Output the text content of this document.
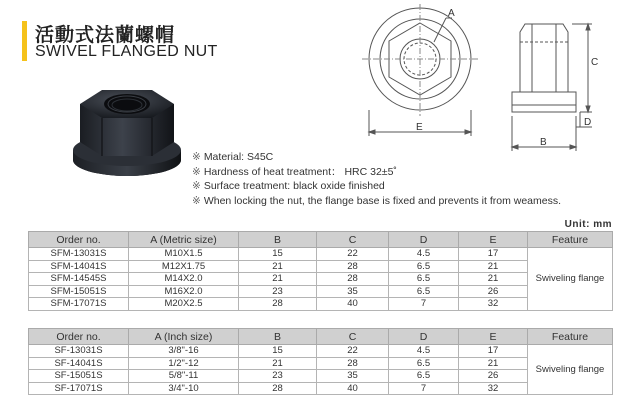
活動式法蘭螺帽
SWIVEL FLANGED NUT
A
E
C
D
B
※ Material: S45C
※ Hardness of heat treatment： HRC 32±5˚
※ Surface treatment: black oxide finished
※ When locking the nut, the flange base is fixed and prevents it from weamess.
Unit: mm
Order no.	A (Metric size)	B	C	D	E	Feature
SFM-13031S	M10X1.5	15	22	4.5	17	Swiveling flange
SFM-14041S	M12X1.75	21	28	6.5	21	
SFM-14545S	M14X2.0	21	28	6.5	21	
SFM-15051S	M16X2.0	23	35	6.5	26	
SFM-17071S	M20X2.5	28	40	7	32	
Order no.	A (Inch size)	B	C	D	E	Feature
SF-13031S	3/8"-16	15	22	4.5	17	Swiveling flange
SF-14041S	1/2"-12	21	28	6.5	21	
SF-15051S	5/8"-11	23	35	6.5	26	
SF-17071S	3/4"-10	28	40	7	32	
